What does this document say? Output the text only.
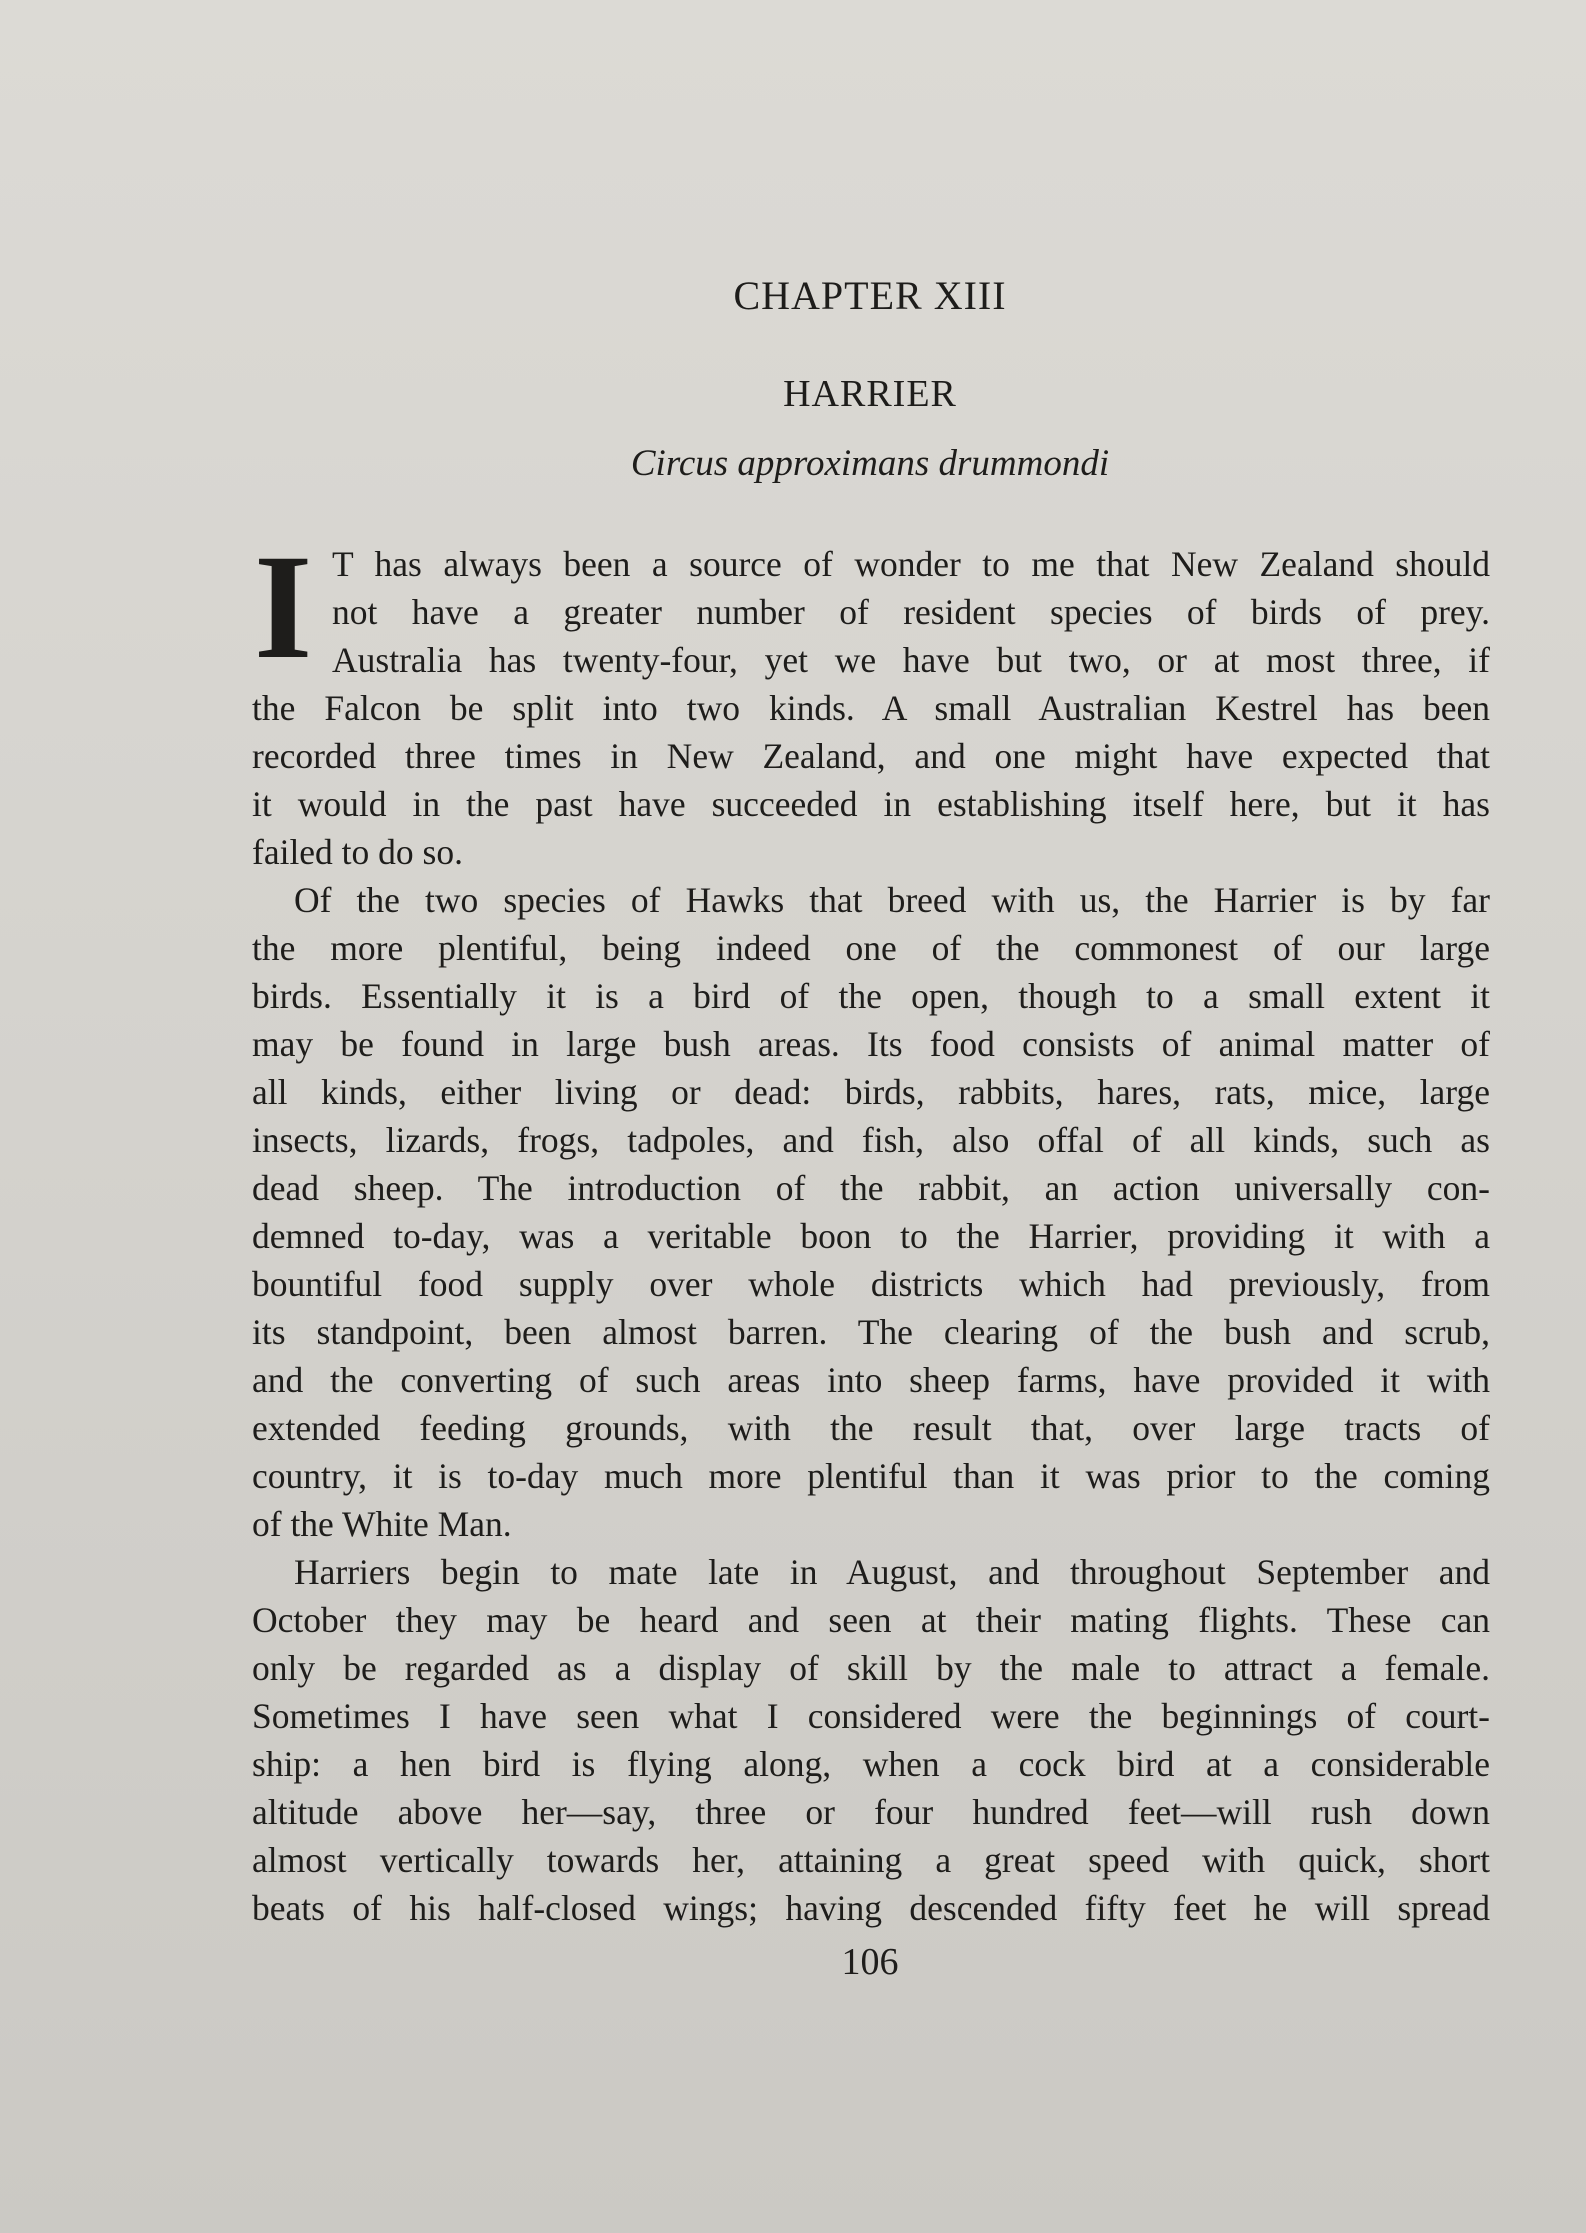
CHAPTER XIII
HARRIER
Circus approximans drummondi
I T has always been a source of wonder to me that New Zealand should
not have a greater number of resident species of birds of prey.
Australia has twenty-four, yet we have but two, or at most three, if
the Falcon be split into two kinds. A small Australian Kestrel has been
recorded three times in New Zealand, and one might have expected that
it would in the past have succeeded in establishing itself here, but it has
failed to do so.
Of the two species of Hawks that breed with us, the Harrier is by far
the more plentiful, being indeed one of the commonest of our large
birds. Essentially it is a bird of the open, though to a small extent it
may be found in large bush areas. Its food consists of animal matter of
all kinds, either living or dead: birds, rabbits, hares, rats, mice, large
insects, lizards, frogs, tadpoles, and fish, also offal of all kinds, such as
dead sheep. The introduction of the rabbit, an action universally con-
demned to-day, was a veritable boon to the Harrier, providing it with a
bountiful food supply over whole districts which had previously, from
its standpoint, been almost barren. The clearing of the bush and scrub,
and the converting of such areas into sheep farms, have provided it with
extended feeding grounds, with the result that, over large tracts of
country, it is to-day much more plentiful than it was prior to the coming
of the White Man.
Harriers begin to mate late in August, and throughout September and
October they may be heard and seen at their mating flights. These can
only be regarded as a display of skill by the male to attract a female.
Sometimes I have seen what I considered were the beginnings of court-
ship: a hen bird is flying along, when a cock bird at a considerable
altitude above her—say, three or four hundred feet—will rush down
almost vertically towards her, attaining a great speed with quick, short
beats of his half-closed wings; having descended fifty feet he will spread
106
